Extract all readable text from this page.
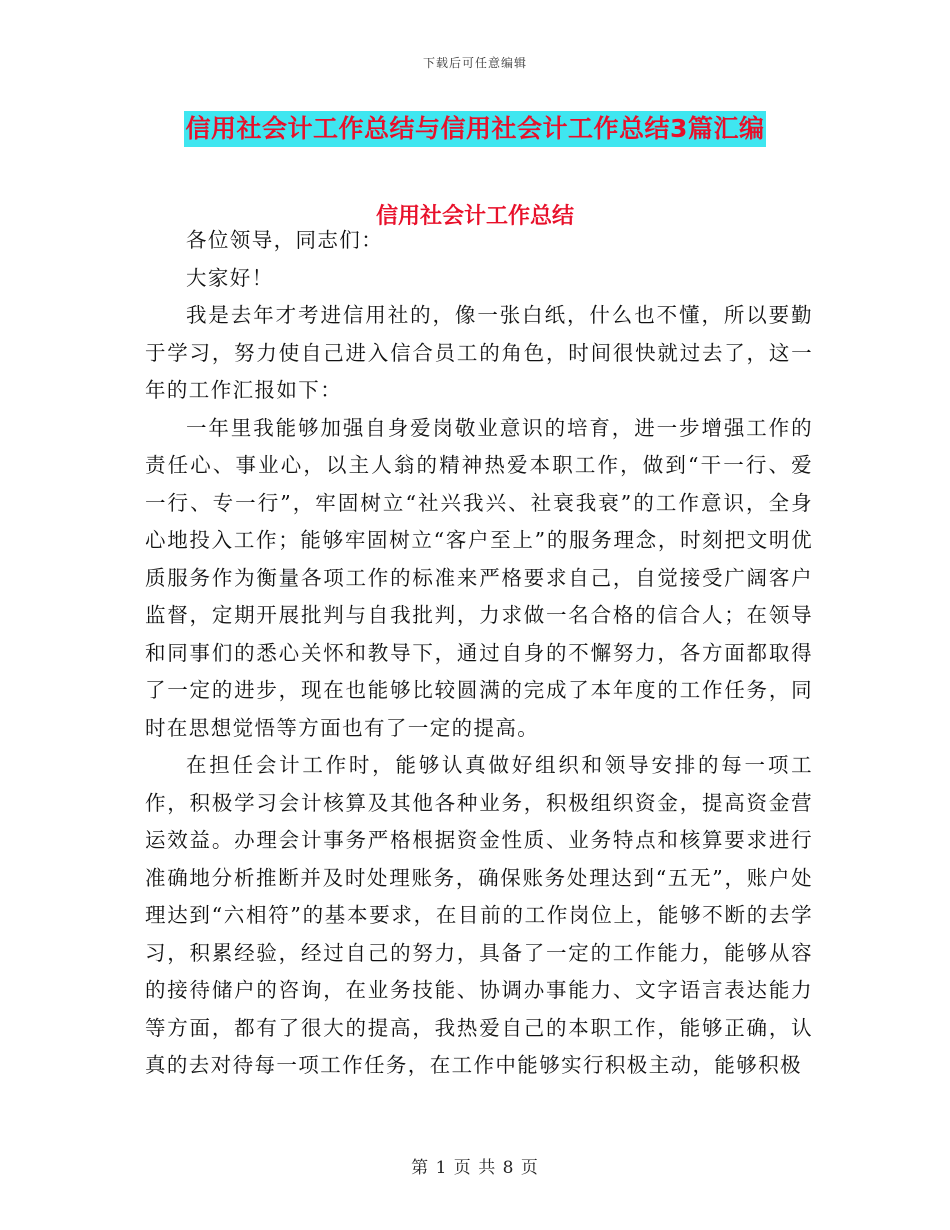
下载后可任意编辑
信用社会计工作总结与信用社会计工作总结3篇汇编
信用社会计工作总结

各位领导，同志们：

大家好！

我是去年才考进信用社的，像一张白纸，什么也不懂，所以要勤于学习，努力使自己进入信合员工的角色，时间很快就过去了，这一年的工作汇报如下：

一年里我能够加强自身爱岗敬业意识的培育，进一步增强工作的责任心、事业心，以主人翁的精神热爱本职工作，做到“干一行、爱一行、专一行”，牢固树立“社兴我兴、社衰我衰”的工作意识，全身心地投入工作；能够牢固树立“客户至上”的服务理念，时刻把文明优质服务作为衡量各项工作的标准来严格要求自己，自觉接受广阔客户监督，定期开展批判与自我批判，力求做一名合格的信合人；在领导和同事们的悉心关怀和教导下，通过自身的不懈努力，各方面都取得了一定的进步，现在也能够比较圆满的完成了本年度的工作任务，同时在思想觉悟等方面也有了一定的提高。

在担任会计工作时，能够认真做好组织和领导安排的每一项工作，积极学习会计核算及其他各种业务，积极组织资金，提高资金营运效益。办理会计事务严格根据资金性质、业务特点和核算要求进行准确地分析推断并及时处理账务，确保账务处理达到“五无”，账户处理达到“六相符”的基本要求，在目前的工作岗位上，能够不断的去学习，积累经验，经过自己的努力，具备了一定的工作能力，能够从容的接待储户的咨询，在业务技能、协调办事能力、文字语言表达能力等方面，都有了很大的提高，我热爱自己的本职工作，能够正确，认真的去对待每一项工作任务，在工作中能够实行积极主动，能够积极

第 1 页 共 8 页
